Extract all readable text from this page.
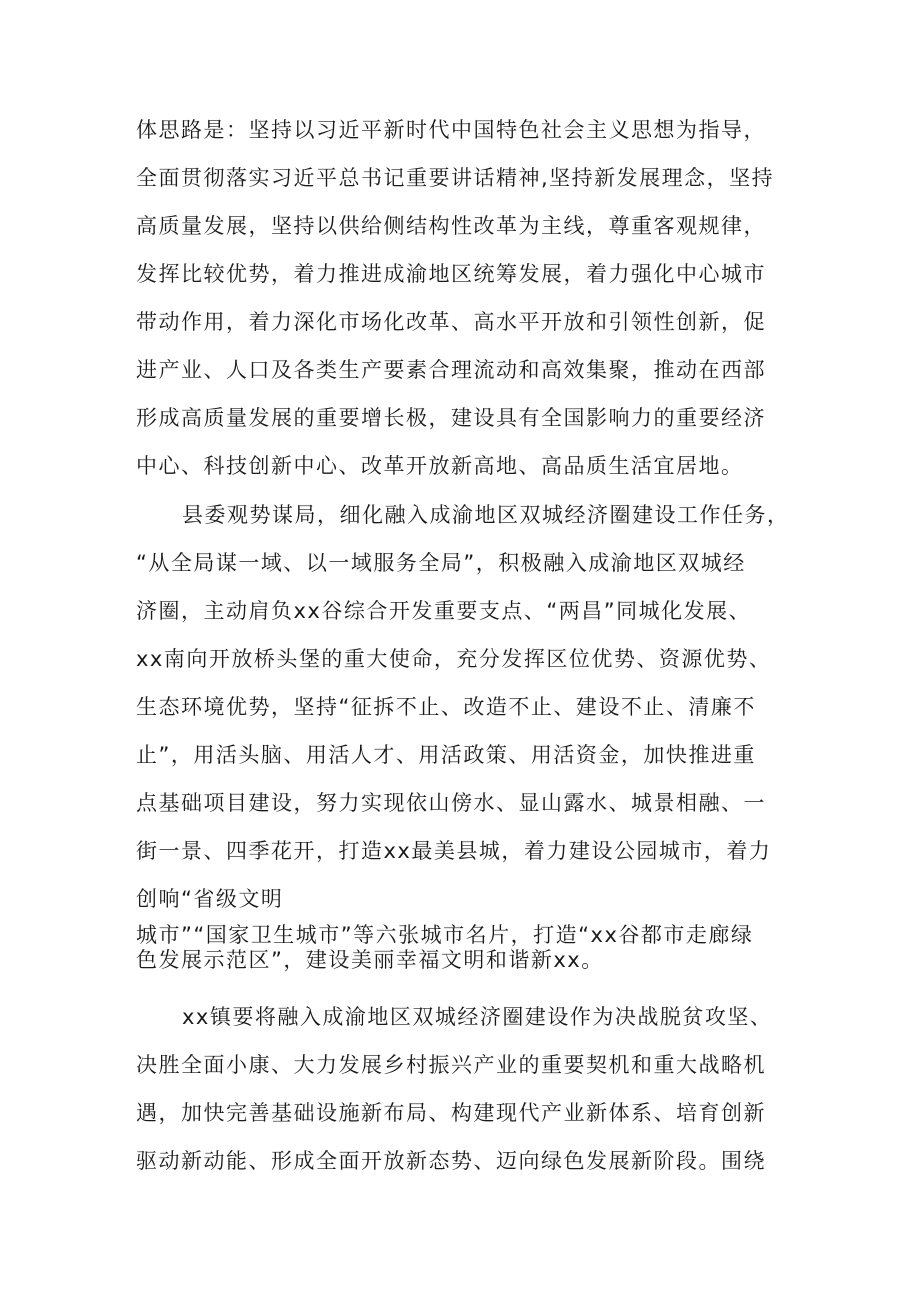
体思路是：坚持以习近平新时代中国特色社会主义思想为指导，
全面贯彻落实习近平总书记重要讲话精神,坚持新发展理念，坚持
高质量发展，坚持以供给侧结构性改革为主线，尊重客观规律，
发挥比较优势，着力推进成渝地区统筹发展，着力强化中心城市
带动作用，着力深化市场化改革、高水平开放和引领性创新，促
进产业、人口及各类生产要素合理流动和高效集聚，推动在西部
形成高质量发展的重要增长极，建设具有全国影响力的重要经济
中心、科技创新中心、改革开放新高地、高品质生活宜居地。
县委观势谋局，细化融入成渝地区双城经济圈建设工作任务，
“从全局谋一域、以一域服务全局”，积极融入成渝地区双城经
济圈，主动肩负xx谷综合开发重要支点、“两昌”同城化发展、
xx南向开放桥头堡的重大使命，充分发挥区位优势、资源优势、
生态环境优势，坚持“征拆不止、改造不止、建设不止、清廉不
止”，用活头脑、用活人才、用活政策、用活资金，加快推进重
点基础项目建设，努力实现依山傍水、显山露水、城景相融、一
街一景、四季花开，打造xx最美县城，着力建设公园城市，着力
创响“省级文明
城市”“国家卫生城市”等六张城市名片，打造“xx谷都市走廊绿
色发展示范区”，建设美丽幸福文明和谐新xx。
xx镇要将融入成渝地区双城经济圈建设作为决战脱贫攻坚、
决胜全面小康、大力发展乡村振兴产业的重要契机和重大战略机
遇，加快完善基础设施新布局、构建现代产业新体系、培育创新
驱动新动能、形成全面开放新态势、迈向绿色发展新阶段。围绕
